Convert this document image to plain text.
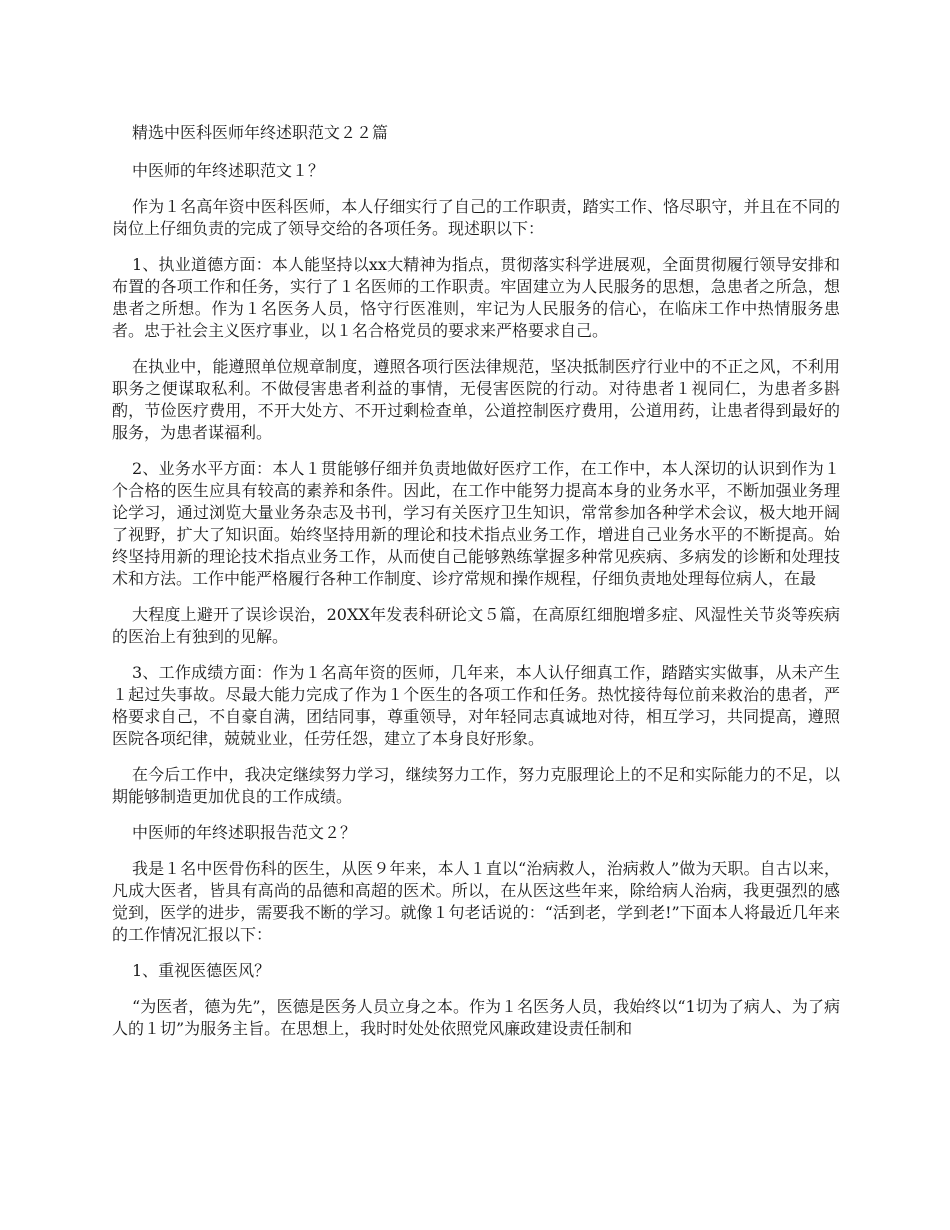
精选中医科医师年终述职范文２２篇

中医师的年终述职范文１？

作为１名高年资中医科医师，本人仔细实行了自己的工作职责，踏实工作、恪尽职守，并且在不同的岗位上仔细负责的完成了领导交给的各项任务。现述职以下：

1、执业道德方面：本人能坚持以xx大精神为指点，贯彻落实科学进展观，全面贯彻履行领导安排和布置的各项工作和任务，实行了１名医师的工作职责。牢固建立为人民服务的思想，急患者之所急，想患者之所想。作为１名医务人员，恪守行医准则，牢记为人民服务的信心，在临床工作中热情服务患者。忠于社会主义医疗事业，以１名合格党员的要求来严格要求自己。

在执业中，能遵照单位规章制度，遵照各项行医法律规范，坚决抵制医疗行业中的不正之风，不利用职务之便谋取私利。不做侵害患者利益的事情，无侵害医院的行动。对待患者１视同仁，为患者多斟酌，节俭医疗费用，不开大处方、不开过剩检查单，公道控制医疗费用，公道用药，让患者得到最好的服务，为患者谋福利。

2、业务水平方面：本人１贯能够仔细并负责地做好医疗工作，在工作中，本人深切的认识到作为１个合格的医生应具有较高的素养和条件。因此，在工作中能努力提高本身的业务水平，不断加强业务理论学习，通过浏览大量业务杂志及书刊，学习有关医疗卫生知识，常常参加各种学术会议，极大地开阔了视野，扩大了知识面。始终坚持用新的理论和技术指点业务工作，增进自己业务水平的不断提高。始终坚持用新的理论技术指点业务工作，从而使自己能够熟练掌握多种常见疾病、多病发的诊断和处理技术和方法。工作中能严格履行各种工作制度、诊疗常规和操作规程，仔细负责地处理每位病人，在最

大程度上避开了误诊误治，20XX年发表科研论文５篇，在高原红细胞增多症、风湿性关节炎等疾病的医治上有独到的见解。

3、工作成绩方面：作为１名高年资的医师，几年来，本人认仔细真工作，踏踏实实做事，从未产生１起过失事故。尽最大能力完成了作为１个医生的各项工作和任务。热忱接待每位前来救治的患者，严格要求自己，不自豪自满，团结同事，尊重领导，对年轻同志真诚地对待，相互学习，共同提高，遵照医院各项纪律，兢兢业业，任劳任怨，建立了本身良好形象。

在今后工作中，我决定继续努力学习，继续努力工作，努力克服理论上的不足和实际能力的不足，以期能够制造更加优良的工作成绩。

中医师的年终述职报告范文２？

我是１名中医骨伤科的医生，从医９年来，本人１直以“治病救人，治病救人”做为天职。自古以来，凡成大医者，皆具有高尚的品德和高超的医术。所以，在从医这些年来，除给病人治病，我更强烈的感觉到，医学的进步，需要我不断的学习。就像１句老话说的：“活到老，学到老!”下面本人将最近几年来的工作情况汇报以下：

1、重视医德医风？

“为医者，德为先”，医德是医务人员立身之本。作为１名医务人员，我始终以“1切为了病人、为了病人的１切”为服务主旨。在思想上，我时时处处依照党风廉政建设责任制和
